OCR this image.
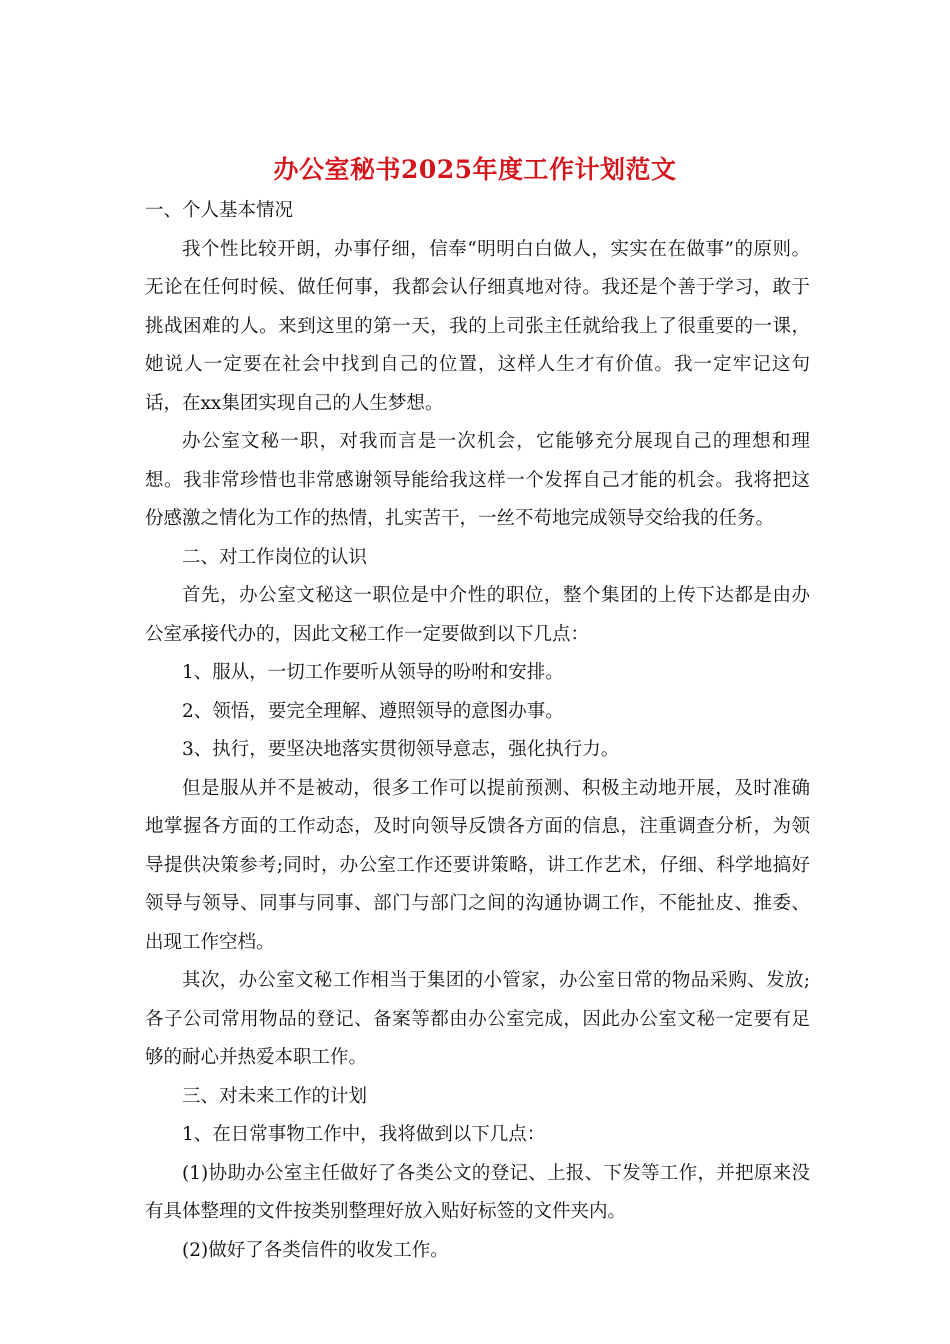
办公室秘书2025年度工作计划范文

一、个人基本情况

我个性比较开朗，办事仔细，信奉“明明白白做人，实实在在做事”的原则。无论在任何时候、做任何事，我都会认仔细真地对待。我还是个善于学习，敢于挑战困难的人。来到这里的第一天，我的上司张主任就给我上了很重要的一课，她说人一定要在社会中找到自己的位置，这样人生才有价值。我一定牢记这句话，在xx集团实现自己的人生梦想。

办公室文秘一职，对我而言是一次机会，它能够充分展现自己的理想和理想。我非常珍惜也非常感谢领导能给我这样一个发挥自己才能的机会。我将把这份感激之情化为工作的热情，扎实苦干，一丝不苟地完成领导交给我的任务。

二、对工作岗位的认识

首先，办公室文秘这一职位是中介性的职位，整个集团的上传下达都是由办公室承接代办的，因此文秘工作一定要做到以下几点：

1、服从，一切工作要听从领导的吩咐和安排。

2、领悟，要完全理解、遵照领导的意图办事。

3、执行，要坚决地落实贯彻领导意志，强化执行力。

但是服从并不是被动，很多工作可以提前预测、积极主动地开展，及时准确地掌握各方面的工作动态，及时向领导反馈各方面的信息，注重调查分析，为领导提供决策参考;同时，办公室工作还要讲策略，讲工作艺术，仔细、科学地搞好领导与领导、同事与同事、部门与部门之间的沟通协调工作，不能扯皮、推委、出现工作空档。

其次，办公室文秘工作相当于集团的小管家，办公室日常的物品采购、发放;各子公司常用物品的登记、备案等都由办公室完成，因此办公室文秘一定要有足够的耐心并热爱本职工作。

三、对未来工作的计划

1、在日常事物工作中，我将做到以下几点：

(1)协助办公室主任做好了各类公文的登记、上报、下发等工作，并把原来没有具体整理的文件按类别整理好放入贴好标签的文件夹内。

(2)做好了各类信件的收发工作。
